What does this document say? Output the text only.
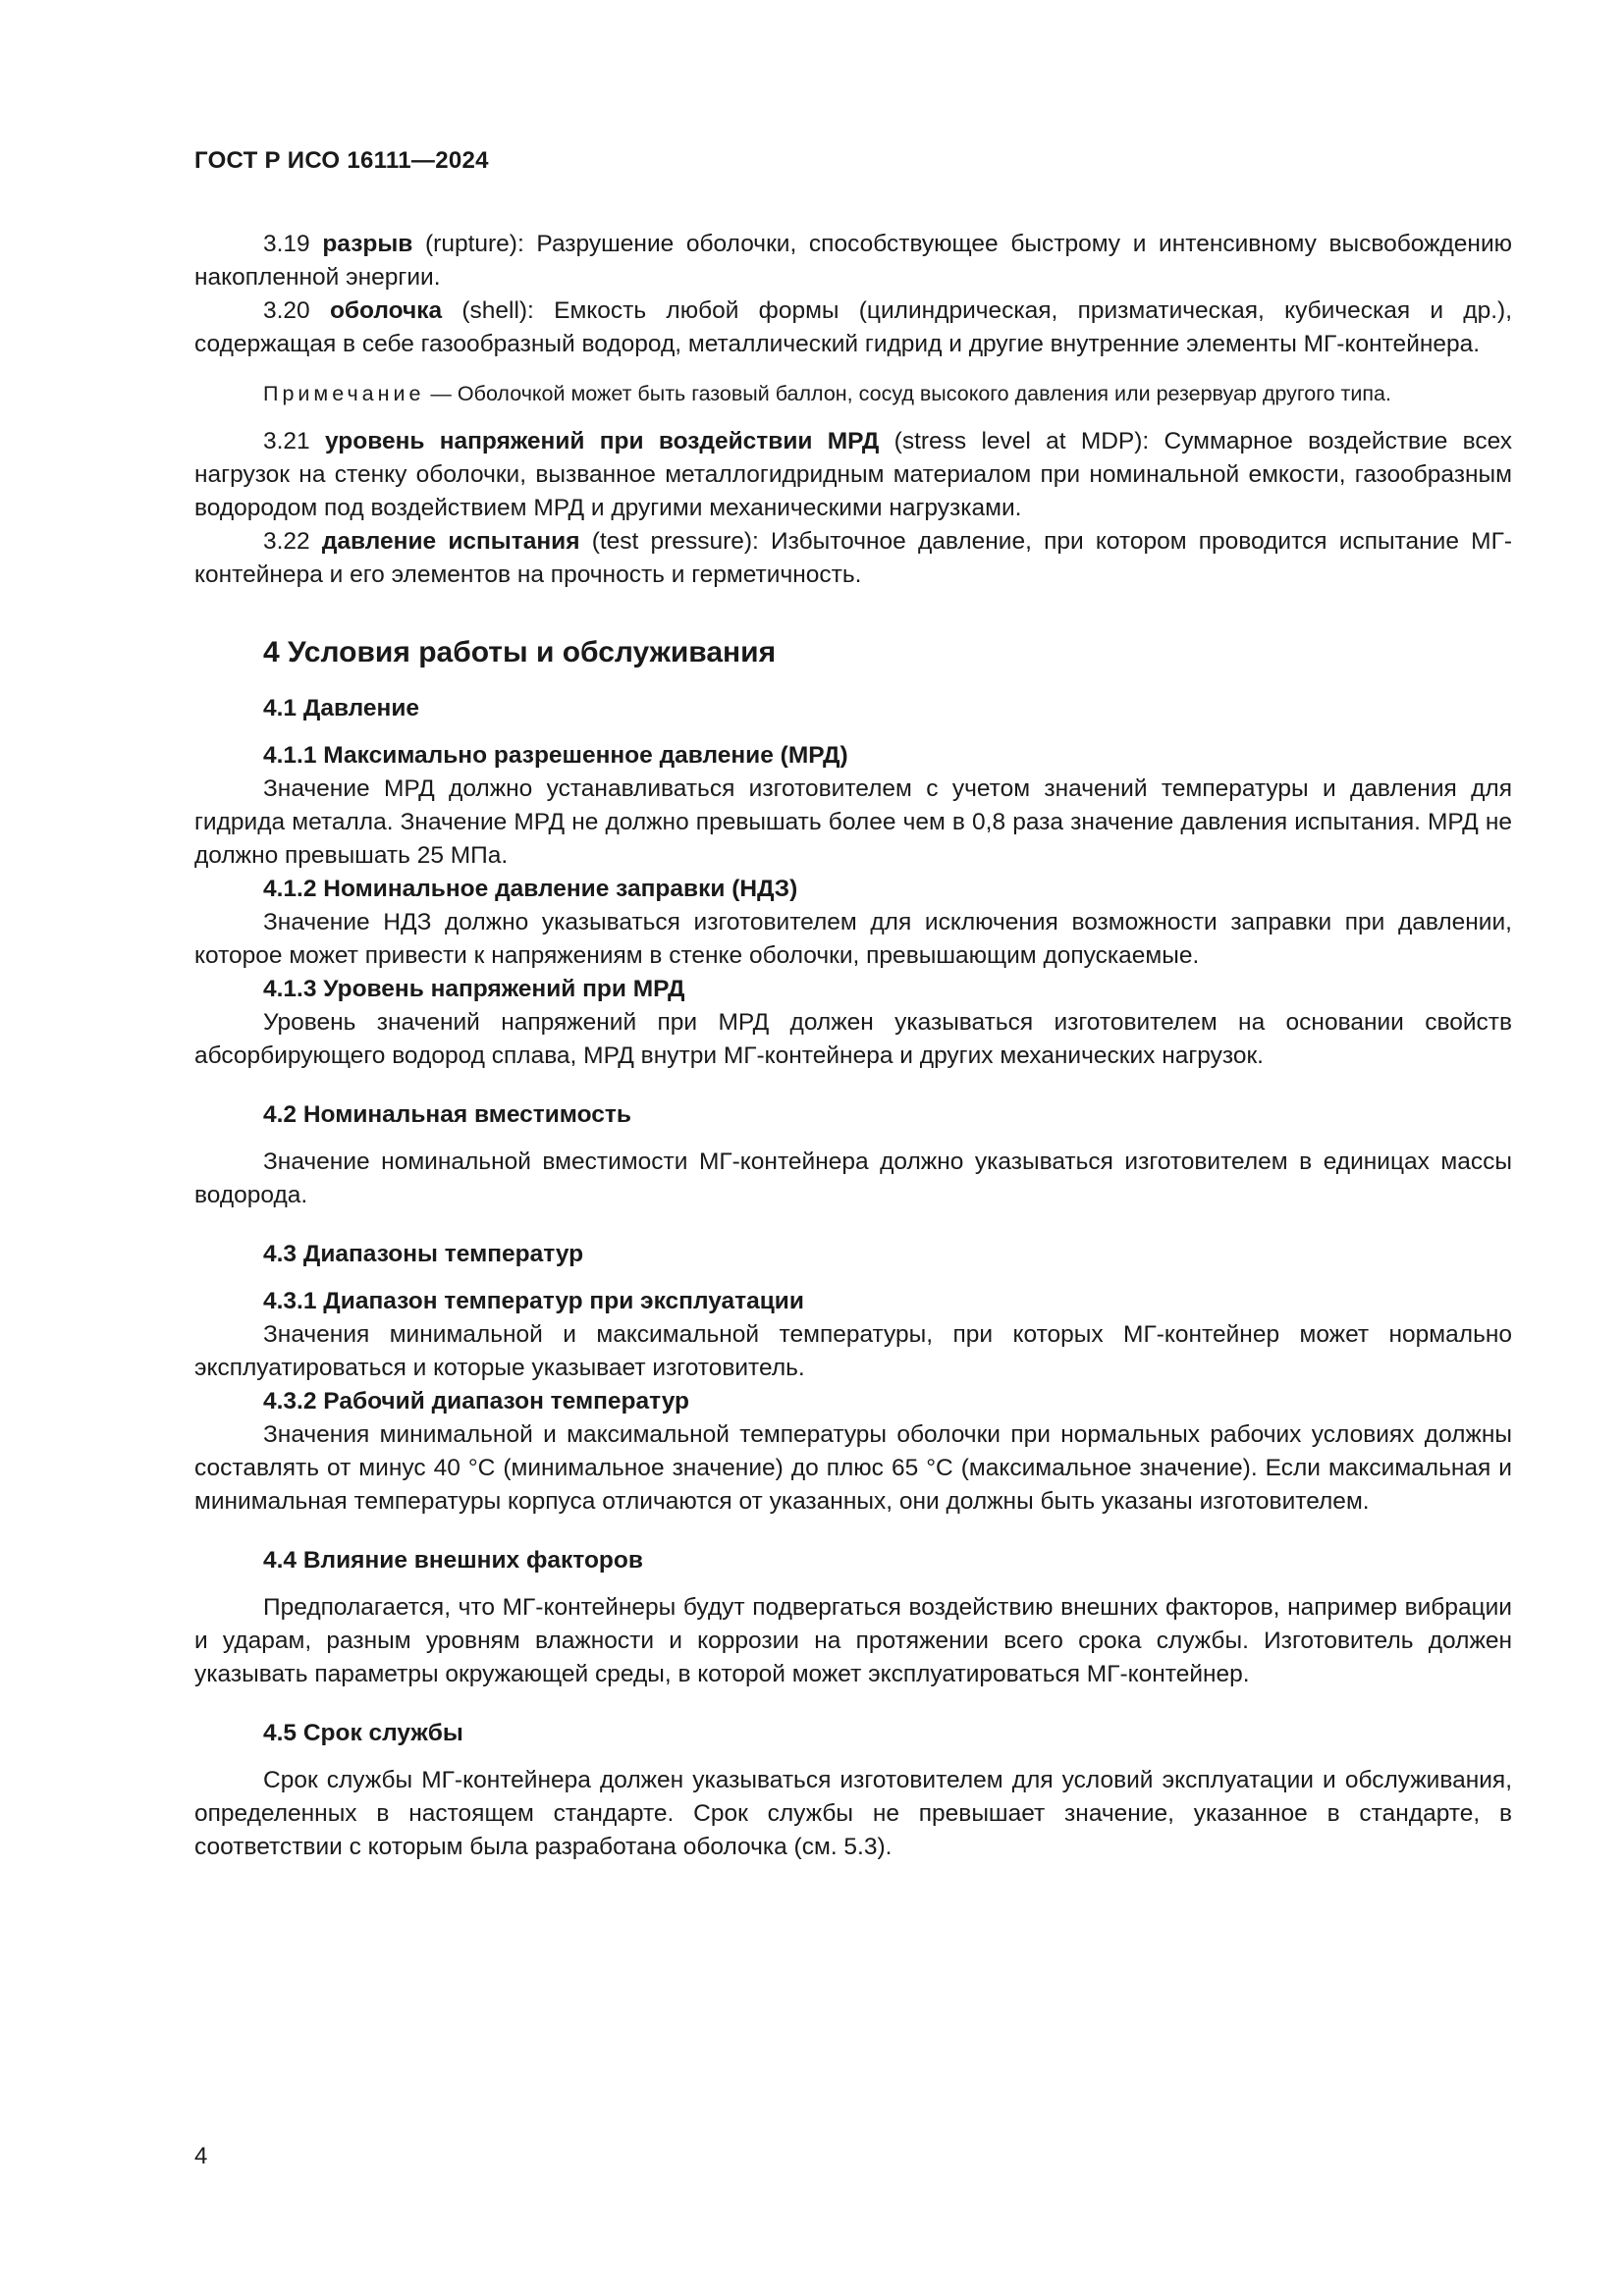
ГОСТ Р ИСО 16111—2024

3.19 разрыв (rupture): Разрушение оболочки, способствующее быстрому и интенсивному высвобождению накопленной энергии.

3.20 оболочка (shell): Емкость любой формы (цилиндрическая, призматическая, кубическая и др.), содержащая в себе газообразный водород, металлический гидрид и другие внутренние элементы МГ-контейнера.

Примечание — Оболочкой может быть газовый баллон, сосуд высокого давления или резервуар другого типа.

3.21 уровень напряжений при воздействии МРД (stress level at MDP): Суммарное воздействие всех нагрузок на стенку оболочки, вызванное металлогидридным материалом при номинальной емкости, газообразным водородом под воздействием МРД и другими механическими нагрузками.

3.22 давление испытания (test pressure): Избыточное давление, при котором проводится испытание МГ-контейнера и его элементов на прочность и герметичность.

4 Условия работы и обслуживания
4.1 Давление
4.1.1 Максимально разрешенное давление (МРД)

Значение МРД должно устанавливаться изготовителем с учетом значений температуры и давления для гидрида металла. Значение МРД не должно превышать более чем в 0,8 раза значение давления испытания. МРД не должно превышать 25 МПа.

4.1.2 Номинальное давление заправки (НДЗ)

Значение НДЗ должно указываться изготовителем для исключения возможности заправки при давлении, которое может привести к напряжениям в стенке оболочки, превышающим допускаемые.

4.1.3 Уровень напряжений при МРД

Уровень значений напряжений при МРД должен указываться изготовителем на основании свойств абсорбирующего водород сплава, МРД внутри МГ-контейнера и других механических нагрузок.

4.2 Номинальная вместимость

Значение номинальной вместимости МГ-контейнера должно указываться изготовителем в единицах массы водорода.

4.3 Диапазоны температур
4.3.1 Диапазон температур при эксплуатации

Значения минимальной и максимальной температуры, при которых МГ-контейнер может нормально эксплуатироваться и которые указывает изготовитель.

4.3.2 Рабочий диапазон температур

Значения минимальной и максимальной температуры оболочки при нормальных рабочих условиях должны составлять от минус 40 °С (минимальное значение) до плюс 65 °С (максимальное значение). Если максимальная и минимальная температуры корпуса отличаются от указанных, они должны быть указаны изготовителем.

4.4 Влияние внешних факторов

Предполагается, что МГ-контейнеры будут подвергаться воздействию внешних факторов, например вибрации и ударам, разным уровням влажности и коррозии на протяжении всего срока службы. Изготовитель должен указывать параметры окружающей среды, в которой может эксплуатироваться МГ-контейнер.

4.5 Срок службы

Срок службы МГ-контейнера должен указываться изготовителем для условий эксплуатации и обслуживания, определенных в настоящем стандарте. Срок службы не превышает значение, указанное в стандарте, в соответствии с которым была разработана оболочка (см. 5.3).

4
